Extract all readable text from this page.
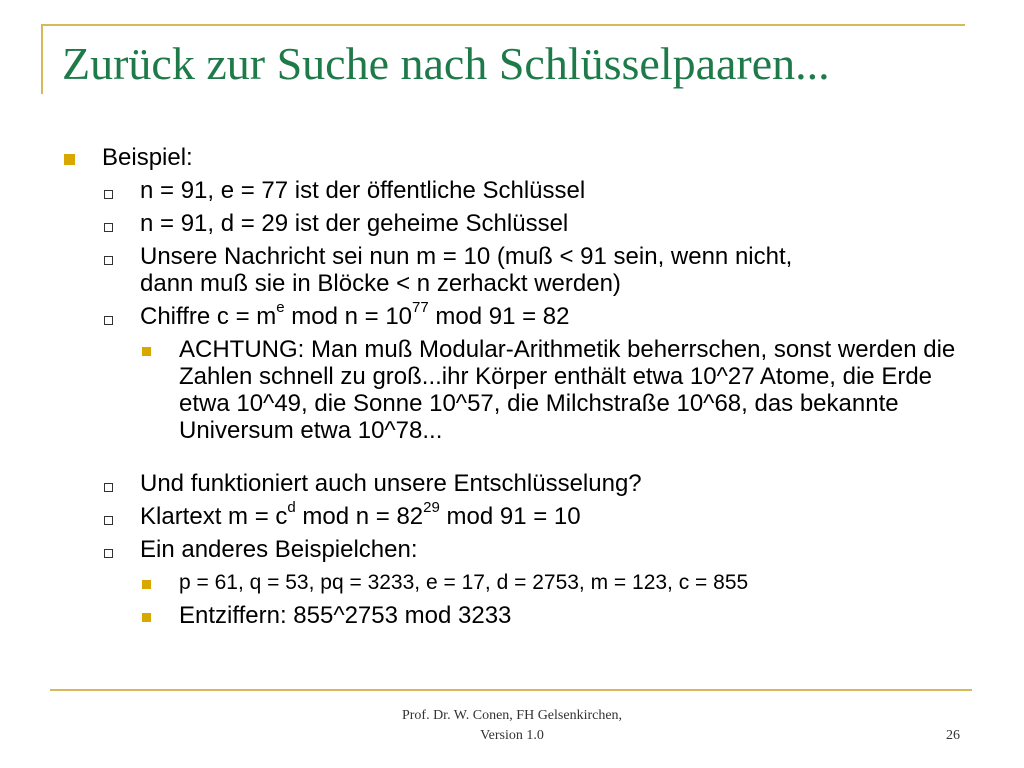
Zurück zur Suche nach Schlüsselpaaren...
Beispiel:
n = 91, e = 77 ist der öffentliche Schlüssel
n = 91, d = 29 ist der geheime Schlüssel
Unsere Nachricht sei nun m = 10 (muß < 91 sein, wenn nicht,
dann muß sie in Blöcke < n zerhackt werden)
Chiffre $c = m^e$ mod $n = 10^{77}$ mod 91 = 82
ACHTUNG: Man muß Modular-Arithmetik beherrschen, sonst werden die Zahlen schnell zu groß...ihr Körper enthält etwa 10^27 Atome, die Erde etwa 10^49, die Sonne 10^57, die Milchstraße 10^68, das bekannte Universum etwa 10^78...
Und funktioniert auch unsere Entschlüsselung?
Klartext $m = c^d$ mod $n = 82^{29}$ mod 91 = 10
Ein anderes Beispielchen:
p = 61, q = 53, pq = 3233, e = 17, d = 2753, m = 123, c = 855
Entziffern: 855^2753 mod 3233
Prof. Dr. W. Conen, FH Gelsenkirchen,
Version 1.0	26
